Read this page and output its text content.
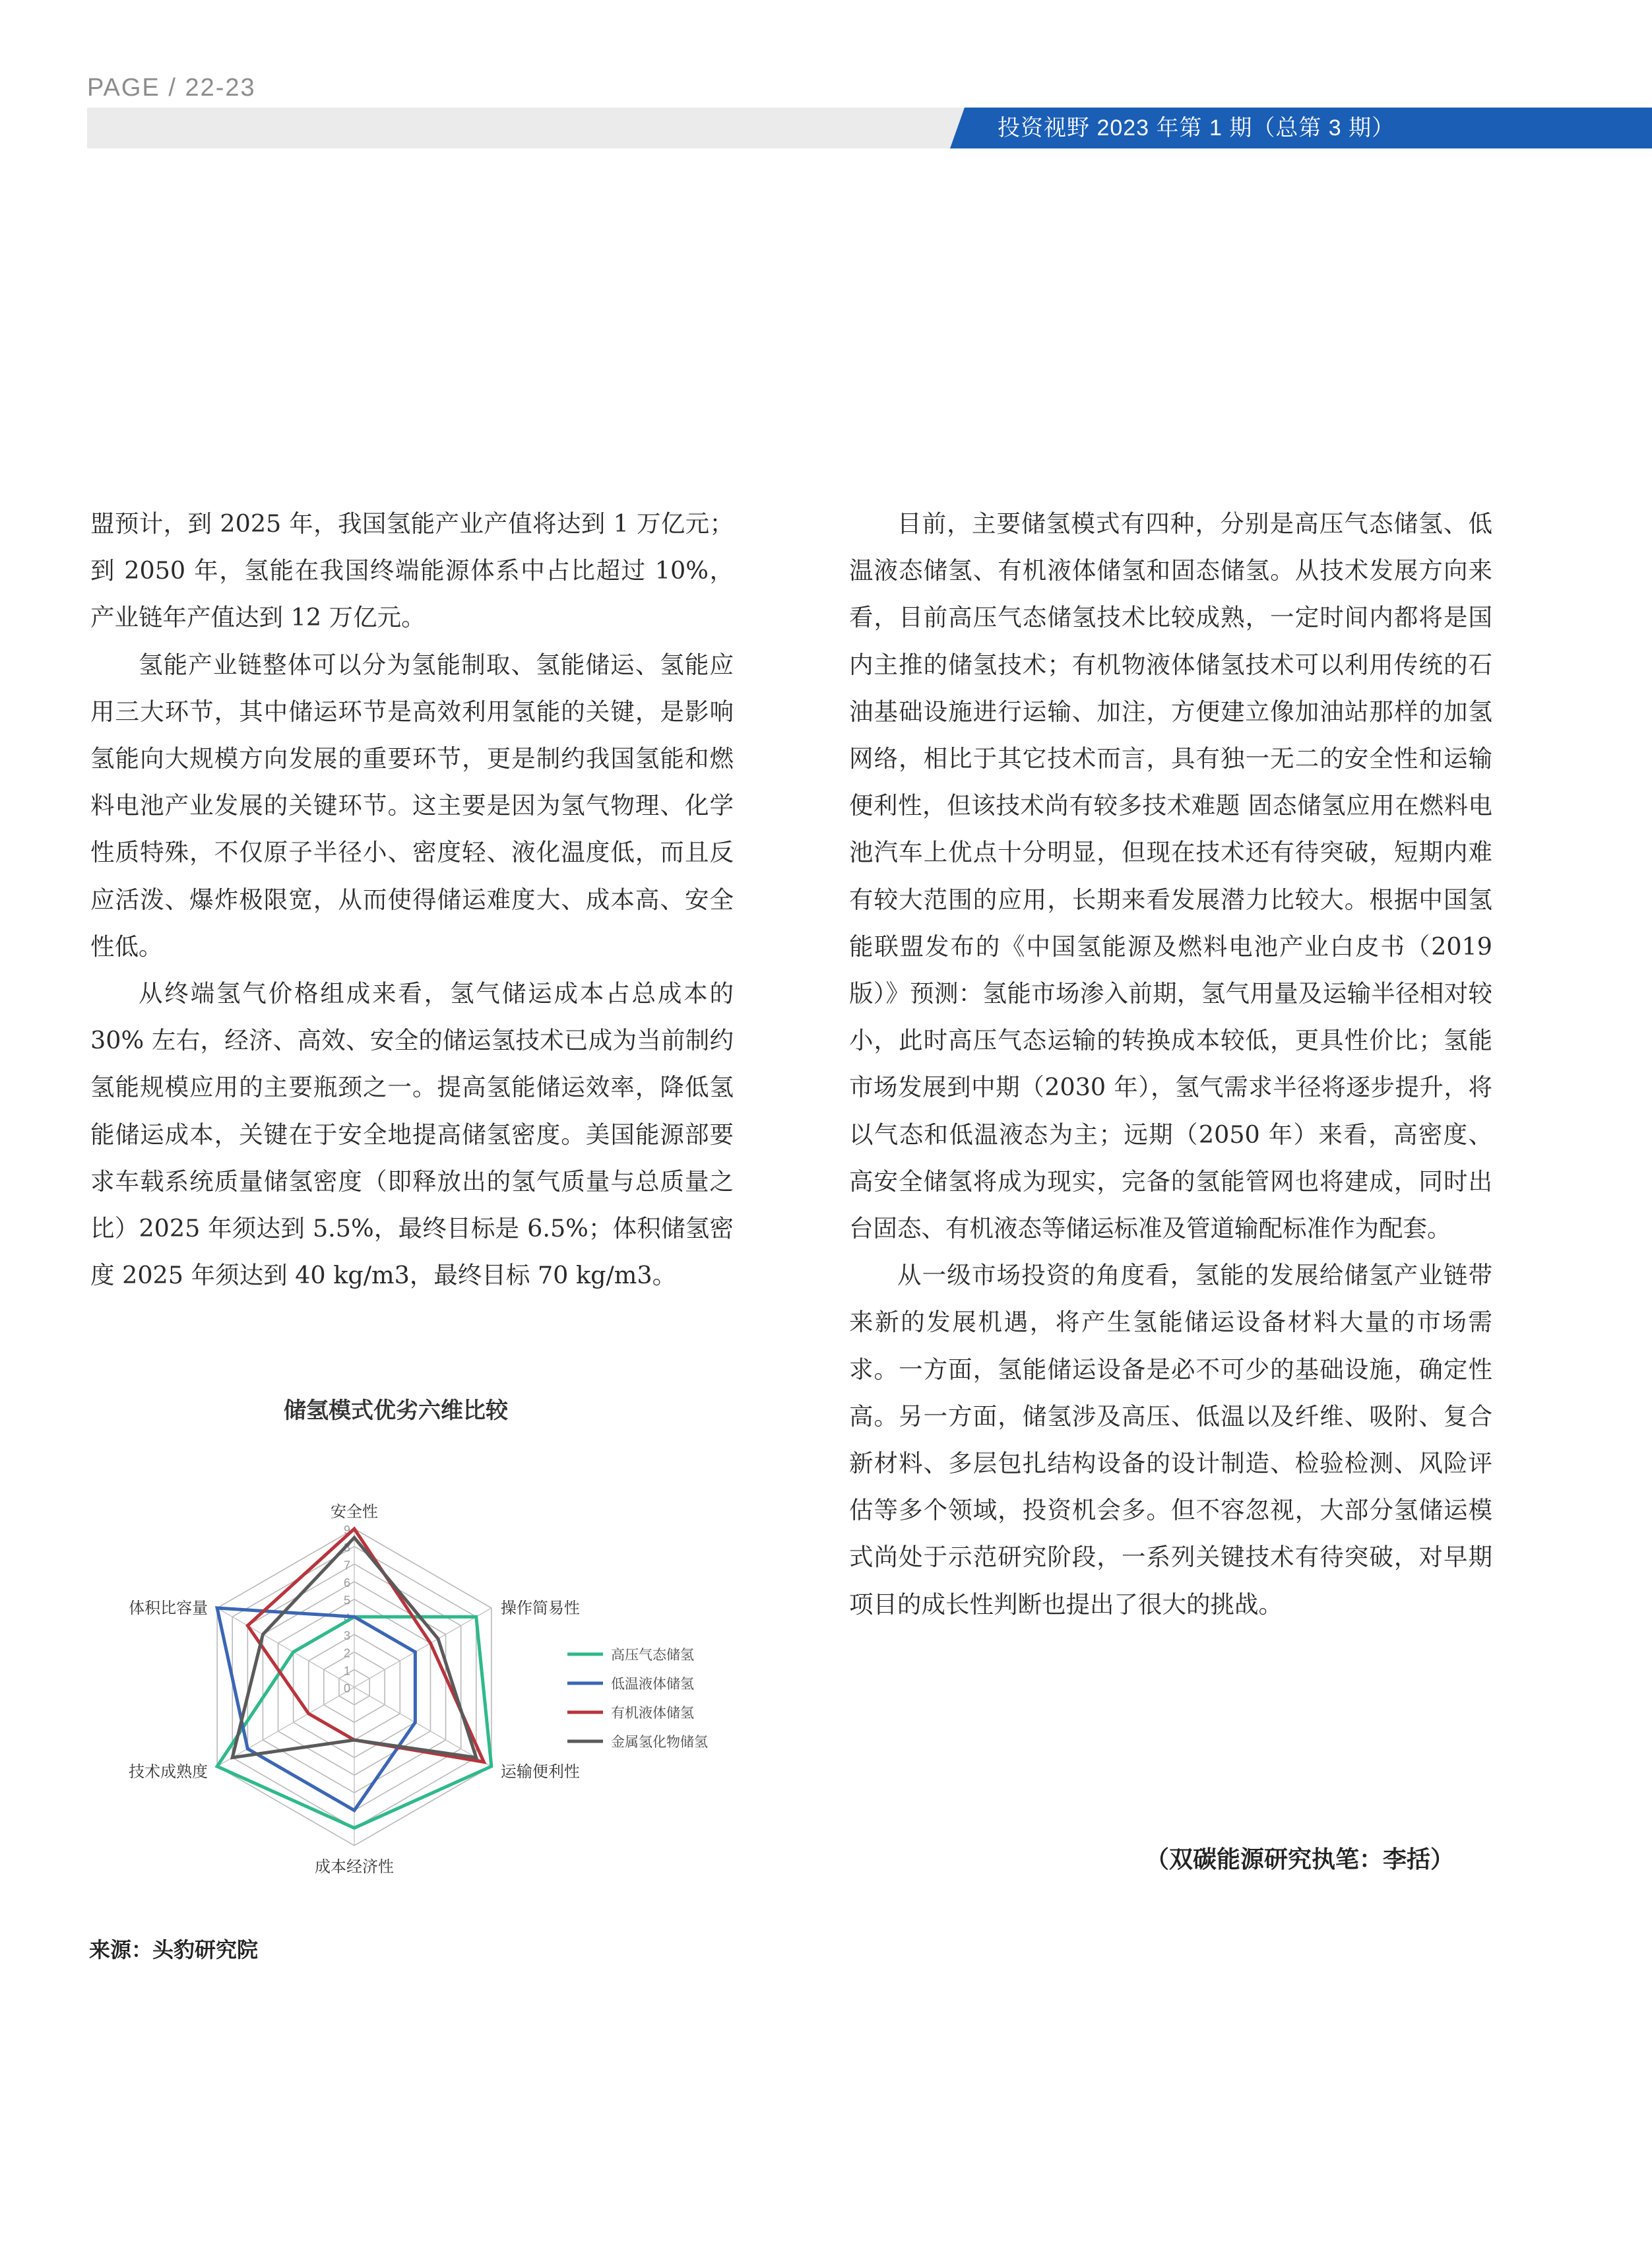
PAGE / 22-23
投资视野 2023 年第 1 期（总第 3 期）

盟预计，到 2025 年，我国氢能产业产值将达到 1 万亿元；到 2050 年，氢能在我国终端能源体系中占比超过 10%，产业链年产值达到 12 万亿元。

氢能产业链整体可以分为氢能制取、氢能储运、氢能应用三大环节，其中储运环节是高效利用氢能的关键，是影响氢能向大规模方向发展的重要环节，更是制约我国氢能和燃料电池产业发展的关键环节。这主要是因为氢气物理、化学性质特殊，不仅原子半径小、密度轻、液化温度低，而且反应活泼、爆炸极限宽，从而使得储运难度大、成本高、安全性低。

从终端氢气价格组成来看，氢气储运成本占总成本的 30% 左右，经济、高效、安全的储运氢技术已成为当前制约氢能规模应用的主要瓶颈之一。提高氢能储运效率，降低氢能储运成本，关键在于安全地提高储氢密度。美国能源部要求车载系统质量储氢密度（即释放出的氢气质量与总质量之比）2025 年须达到 5.5%，最终目标是 6.5%；体积储氢密度 2025 年须达到 40 kg/m3，最终目标 70 kg/m3。

储氢模式优劣六维比较
0
1
2
3
4
5
6
7
8
9
安全性
操作简易性
运输便利性
成本经济性
技术成熟度
体积比容量
高压气态储氢
低温液体储氢
有机液体储氢
金属氢化物储氢
来源：头豹研究院

目前，主要储氢模式有四种，分别是高压气态储氢、低温液态储氢、有机液体储氢和固态储氢。从技术发展方向来看，目前高压气态储氢技术比较成熟，一定时间内都将是国内主推的储氢技术；有机物液体储氢技术可以利用传统的石油基础设施进行运输、加注，方便建立像加油站那样的加氢网络，相比于其它技术而言，具有独一无二的安全性和运输便利性，但该技术尚有较多技术难题 固态储氢应用在燃料电池汽车上优点十分明显，但现在技术还有待突破，短期内难有较大范围的应用，长期来看发展潜力比较大。根据中国氢能联盟发布的《中国氢能源及燃料电池产业白皮书（2019 版）》预测：氢能市场渗入前期，氢气用量及运输半径相对较小，此时高压气态运输的转换成本较低，更具性价比；氢能市场发展到中期（2030 年），氢气需求半径将逐步提升，将以气态和低温液态为主；远期（2050 年）来看，高密度、高安全储氢将成为现实，完备的氢能管网也将建成，同时出台固态、有机液态等储运标准及管道输配标准作为配套。

从一级市场投资的角度看，氢能的发展给储氢产业链带来新的发展机遇，将产生氢能储运设备材料大量的市场需求。一方面，氢能储运设备是必不可少的基础设施，确定性高。另一方面，储氢涉及高压、低温以及纤维、吸附、复合新材料、多层包扎结构设备的设计制造、检验检测、风险评估等多个领域，投资机会多。但不容忽视，大部分氢储运模式尚处于示范研究阶段，一系列关键技术有待突破，对早期项目的成长性判断也提出了很大的挑战。

（双碳能源研究执笔：李括）
